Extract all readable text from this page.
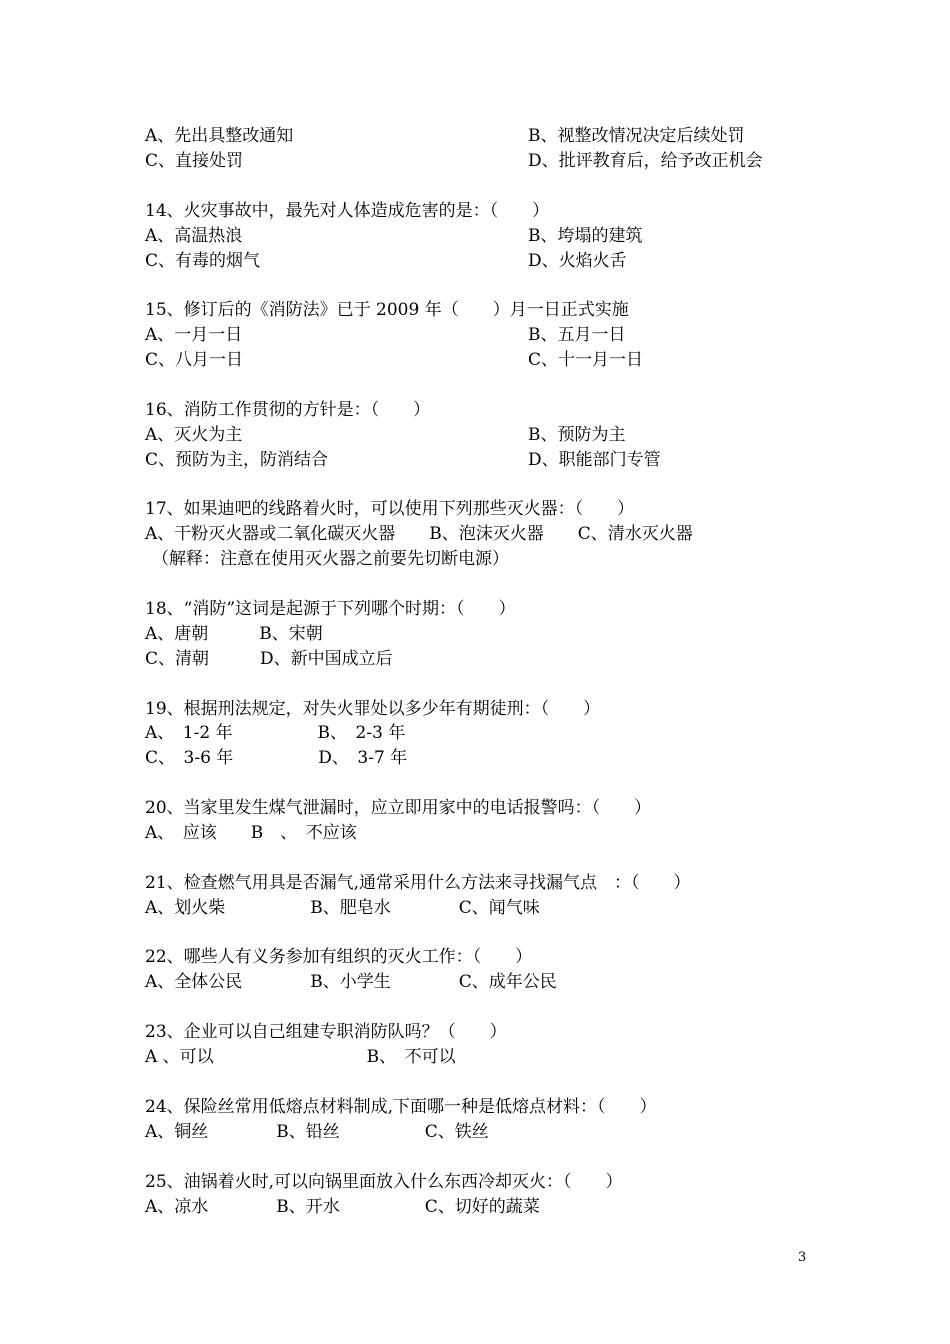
A、先出具整改通知	B、视整改情况决定后续处罚
C、直接处罚	D、批评教育后，给予改正机会
14、火灾事故中，最先对人体造成危害的是：（　　）
A、高温热浪	B、垮塌的建筑
C、有毒的烟气	D、火焰火舌
15、修订后的《消防法》已于 2009 年（　　）月一日正式实施
A、一月一日	B、五月一日
C、八月一日	C、十一月一日
16、消防工作贯彻的方针是：（　　）
A、灭火为主	B、预防为主
C、预防为主，防消结合	D、职能部门专管
17、如果迪吧的线路着火时，可以使用下列那些灭火器：（　　）
A、干粉灭火器或二氧化碳灭火器　　B、泡沫灭火器　　C、清水灭火器
（解释：注意在使用灭火器之前要先切断电源）
18、“消防”这词是起源于下列哪个时期：（　　）
A、唐朝　　　B、宋朝
C、清朝　　　D、新中国成立后
19、根据刑法规定，对失火罪处以多少年有期徒刑：（　　）
A、　1-2 年　　　　　B、　2-3 年
C、　3-6 年　　　　　D、　3-7 年
20、当家里发生煤气泄漏时，应立即用家中的电话报警吗：（　　）
A、　应该　　B　、　不应该
21、检查燃气用具是否漏气,通常采用什么方法来寻找漏气点　：（　　）
A、划火柴　　　　　B、肥皂水　　　　C、闻气味
22、哪些人有义务参加有组织的灭火工作：（　　）
A、全体公民　　　　B、小学生　　　　C、成年公民
23、企业可以自己组建专职消防队吗？（　　）
A 、可以　　　　　　　　　B、　不可以
24、保险丝常用低熔点材料制成,下面哪一种是低熔点材料：（　　）
A、铜丝　　　　B、铅丝　　　　　C、铁丝
25、油锅着火时,可以向锅里面放入什么东西冷却灭火：（　　）
A、凉水　　　　B、开水　　　　　C、切好的蔬菜
3
